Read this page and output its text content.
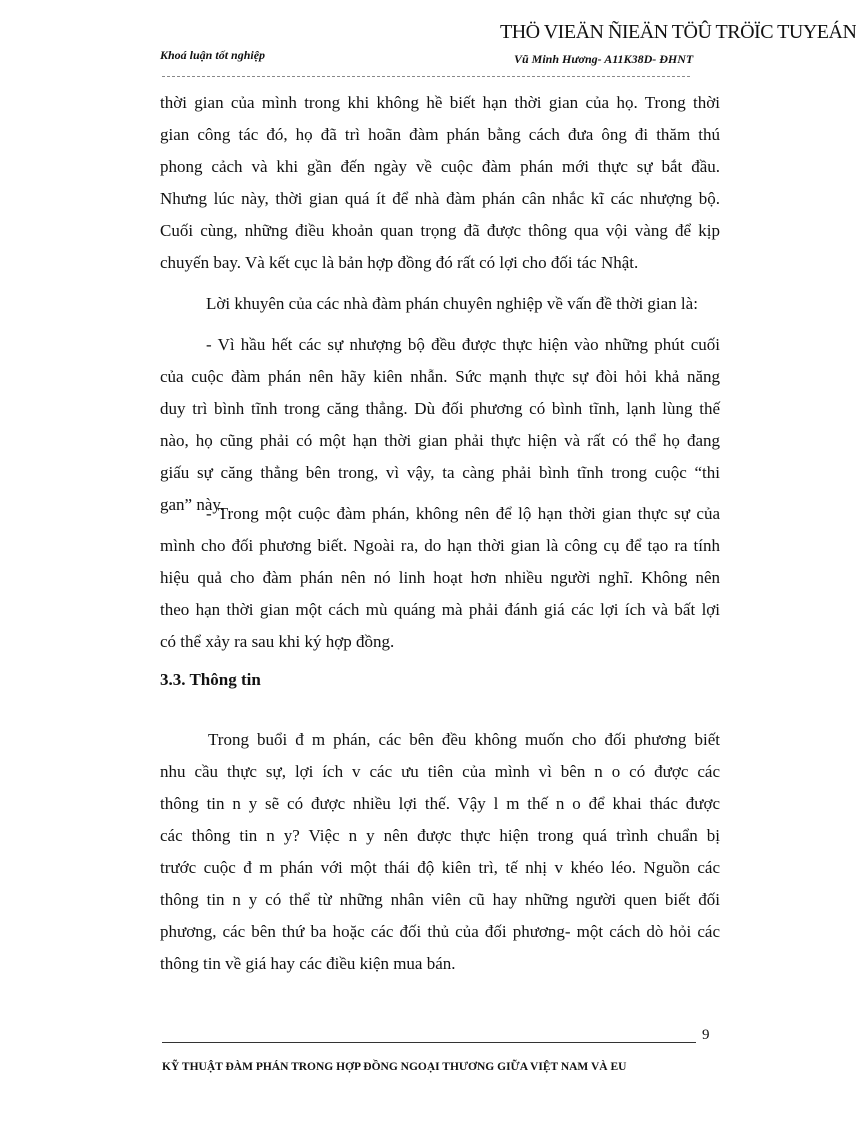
THÖ VIEÄN ÑIEÄN TÖÛ TRÖÏC TUYEÁN
Khoá luận tốt nghiệp	Vũ Minh Hương- A11K38D- ĐHNT
thời gian của mình trong khi không hề biết hạn thời gian của họ. Trong thời
gian công tác đó, họ đã trì hoãn đàm phán bằng cách đưa ông đi thăm thú
phong cảch và khi gần đến ngày về cuộc đàm phán mới thực sự bắt đầu.
Nhưng lúc này, thời gian quá ít để nhà đàm phán cân nhắc kĩ các nhượng bộ.
Cuối cùng, những điều khoản quan trọng đã được thông qua vội vàng để kịp
chuyến bay. Và kết cục là bản hợp đồng đó rất có lợi cho đối tác Nhật.
Lời khuyên của các nhà đàm phán chuyên nghiệp về vấn đề thời gian là:
- Vì hầu hết các sự nhượng bộ đều được thực hiện vào những phút cuối
của cuộc đàm phán nên hãy kiên nhẫn. Sức mạnh thực sự đòi hỏi khả năng
duy trì bình tĩnh trong căng thẳng. Dù đối phương có bình tĩnh, lạnh lùng thế
nào, họ cũng phải có một hạn thời gian phải thực hiện và rất có thể họ đang
giấu sự căng thẳng bên trong, vì vậy, ta càng phải bình tĩnh trong cuộc “thi
gan” này.
- Trong một cuộc đàm phán, không nên để lộ hạn thời gian thực sự của
mình cho đối phương biết. Ngoài ra, do hạn thời gian là công cụ để tạo ra tính
hiệu quả cho đàm phán nên nó linh hoạt hơn nhiều người nghĩ. Không nên
theo hạn thời gian một cách mù quáng mà phải đánh giá các lợi ích và bất lợi
có thể xảy ra sau khi ký hợp đồng.
3.3. Thông tin
Trong buổi đ m phán, các bên đều không muốn cho đối phương biết
nhu cầu thực sự, lợi ích v các ưu tiên của mình vì bên n o có được các
thông tin n y sẽ có được nhiều lợi thế. Vậy l m thế n o để khai thác được
các thông tin n y? Việc n y nên được thực hiện trong quá trình chuẩn bị
trước cuộc đ m phán với một thái độ kiên trì, tế nhị v khéo léo. Nguồn các
thông tin n y có thể từ những nhân viên cũ hay những người quen biết đối
phương, các bên thứ ba hoặc các đối thủ của đối phương- một cách dò hỏi các
thông tin về giá hay các điều kiện mua bán.
9
KỸ THUẬT ĐÀM PHÁN TRONG HỢP ĐỒNG NGOẠI THƯƠNG GIỮA VIỆT NAM VÀ EU
